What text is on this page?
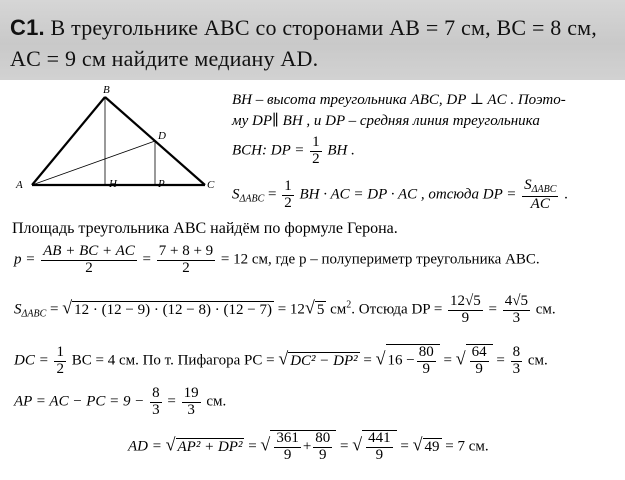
С1. В треугольнике ABC со сторонами AB = 7 см, BC = 8 см,
AC = 9 см найдите медиану AD.
A
B
C
D
H	P
BH – высота треугольника ABC, DP ⊥ AC . Поэто-
му DP∥ BH , и DP – средняя линия треугольника
BCH: DP = $\frac{1}{2}$ BH .
$S_{\Delta ABC} = \frac{1}{2}$ BH · AC = DP · AC , отсюда DP = $\frac{S_{\Delta ABC}}{AC}$ .
Площадь треугольника ABC найдём по формуле Герона.
$p = \frac{AB + BC + AC}{2} = \frac{7 + 8 + 9}{2} = 12$ см, где p – полупериметр треугольника ABC.
$S_{\Delta ABC}$ = √ 12 · (12 − 9) · (12 − 8) · (12 − 7) = 12√ 5 $см^2$. Отсюда DP = $\frac{12√5}{9} = \frac{4√5}{3}$ см.
DC = $\frac{1}{2}$ BC = 4 см. По т. Пифагора PC = √ DC² − DP² = √ $16 - \frac{80}{9}$ = √ $\frac{64}{9} = \frac{8}{3}$ см.
AP = AC − PC = $9 - \frac{8}{3} = \frac{19}{3}$ см.
AD = √ AP² + DP² = √ $\frac{361}{9} + \frac{80}{9}$ = √ $\frac{441}{9}$ = √ 49 = 7 см.
